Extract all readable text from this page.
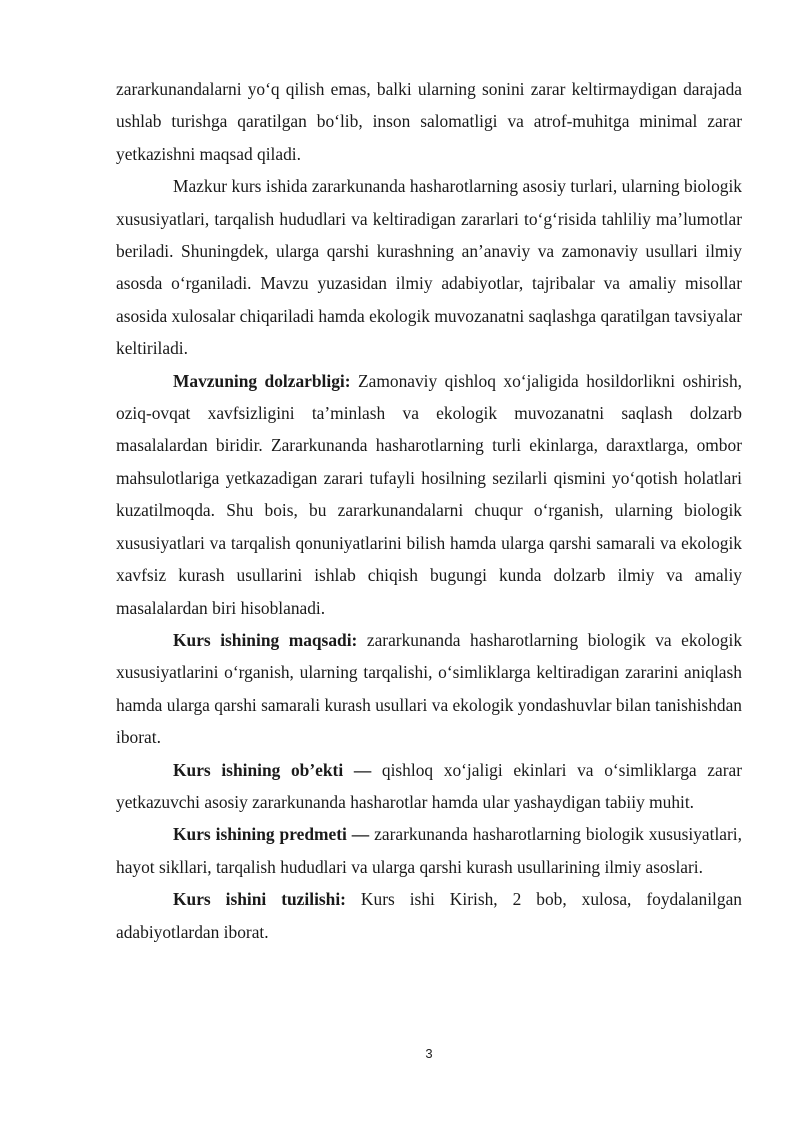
zararkunandalarni yo‘q qilish emas, balki ularning sonini zarar keltirmaydigan darajada ushlab turishga qaratilgan bo‘lib, inson salomatligi va atrof-muhitga minimal zarar yetkazishni maqsad qiladi.

Mazkur kurs ishida zararkunanda hasharotlarning asosiy turlari, ularning biologik xususiyatlari, tarqalish hududlari va keltiradigan zararlari to‘g‘risida tahliliy ma’lumotlar beriladi. Shuningdek, ularga qarshi kurashning an’anaviy va zamonaviy usullari ilmiy asosda o‘rganiladi. Mavzu yuzasidan ilmiy adabiyotlar, tajribalar va amaliy misollar asosida xulosalar chiqariladi hamda ekologik muvozanatni saqlashga qaratilgan tavsiyalar keltiriladi.

Mavzuning dolzarbligi: Zamonaviy qishloq xo‘jaligida hosildorlikni oshirish, oziq-ovqat xavfsizligini ta’minlash va ekologik muvozanatni saqlash dolzarb masalalardan biridir. Zararkunanda hasharotlarning turli ekinlarga, daraxtlarga, ombor mahsulotlariga yetkazadigan zarari tufayli hosilning sezilarli qismini yo‘qotish holatlari kuzatilmoqda. Shu bois, bu zararkunandalarni chuqur o‘rganish, ularning biologik xususiyatlari va tarqalish qonuniyatlarini bilish hamda ularga qarshi samarali va ekologik xavfsiz kurash usullarini ishlab chiqish bugungi kunda dolzarb ilmiy va amaliy masalalardan biri hisoblanadi.

Kurs ishining maqsadi: zararkunanda hasharotlarning biologik va ekologik xususiyatlarini o‘rganish, ularning tarqalishi, o‘simliklarga keltiradigan zararini aniqlash hamda ularga qarshi samarali kurash usullari va ekologik yondashuvlar bilan tanishishdan iborat.

Kurs ishining ob’ekti — qishloq xo‘jaligi ekinlari va o‘simliklarga zarar yetkazuvchi asosiy zararkunanda hasharotlar hamda ular yashaydigan tabiiy muhit.

Kurs ishining predmeti — zararkunanda hasharotlarning biologik xususiyatlari, hayot sikllari, tarqalish hududlari va ularga qarshi kurash usullarining ilmiy asoslari.

Kurs ishini tuzilishi: Kurs ishi Kirish, 2 bob, xulosa, foydalanilgan adabiyotlardan iborat.

3
